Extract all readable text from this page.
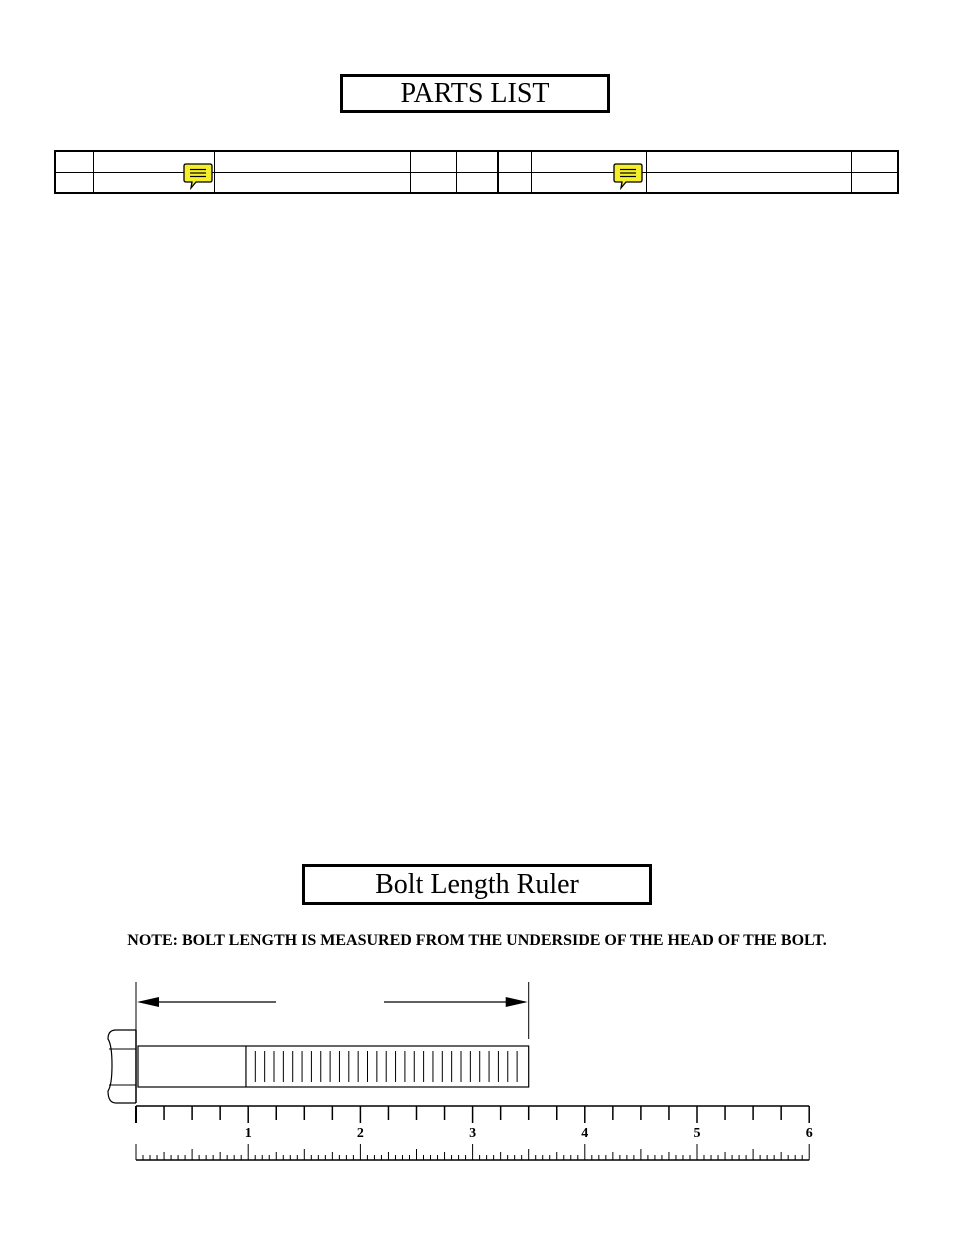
PARTS LIST
Bolt Length Ruler
NOTE: BOLT LENGTH IS MEASURED FROM THE UNDERSIDE OF THE HEAD OF THE BOLT.
1	2	3	4	5	6
